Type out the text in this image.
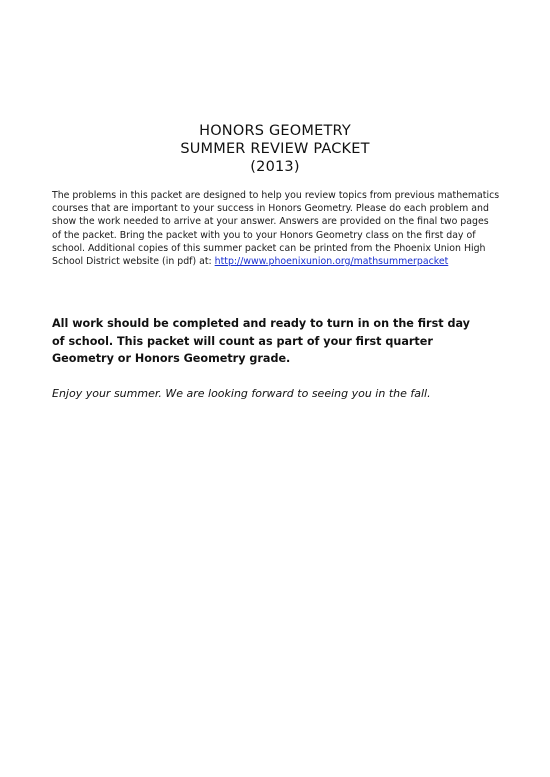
HONORS GEOMETRY
SUMMER REVIEW PACKET
(2013)
The problems in this packet are designed to help you review topics from previous mathematics courses that are important to your success in Honors Geometry. Please do each problem and show the work needed to arrive at your answer. Answers are provided on the final two pages of the packet. Bring the packet with you to your Honors Geometry class on the first day of school. Additional copies of this summer packet can be printed from the Phoenix Union High School District website (in pdf) at: http://www.phoenixunion.org/mathsummerpacket
All work should be completed and ready to turn in on the first day of school. This packet will count as part of your first quarter Geometry or Honors Geometry grade.
Enjoy your summer. We are looking forward to seeing you in the fall.
